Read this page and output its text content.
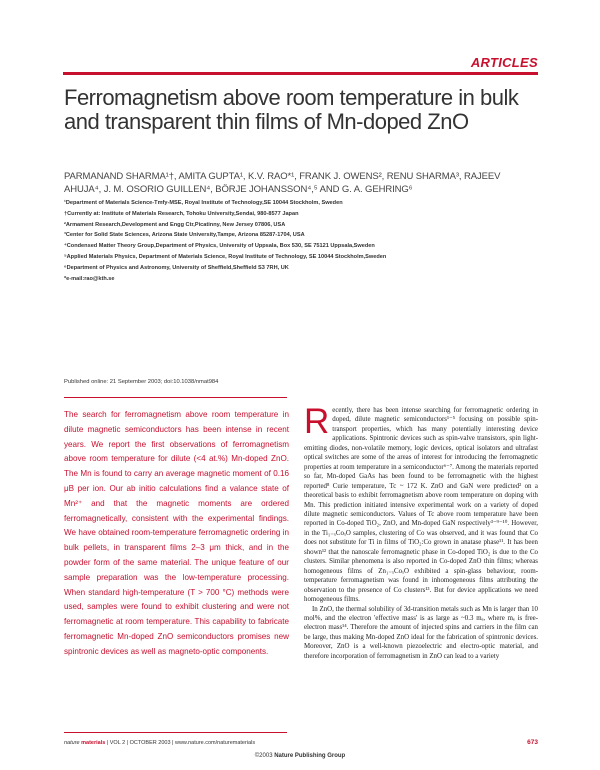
ARTICLES
Ferromagnetism above room temperature in bulk and transparent thin films of Mn-doped ZnO
PARMANAND SHARMA¹†, AMITA GUPTA¹, K.V. RAO*¹, FRANK J. OWENS², RENU SHARMA³, RAJEEV AHUJA⁴, J. M. OSORIO GUILLEN⁴, BÖRJE JOHANSSON⁴,⁵ AND G. A. GEHRING⁶
¹Department of Materials Science-Tmfy-MSE, Royal Institute of Technology,SE 10044 Stockholm, Sweden
†Currently at: Institute of Materials Research, Tohoku University,Sendai, 980-8577 Japan
²Armament Research,Development and Engg Ctr,Picatinny, New Jersey 07806, USA
³Center for Solid State Sciences, Arizona State University,Tampe, Arizona 85287-1704, USA
⁴Condensed Matter Theory Group,Department of Physics, University of Uppsala, Box 530, SE 75121 Uppsala,Sweden
⁵Applied Materials Physics, Department of Materials Science, Royal Institute of Technology, SE 10044 Stockholm,Sweden
⁶Department of Physics and Astronomy, University of Sheffield,Sheffield S3 7RH, UK
*e-mail:rao@kth.se
Published online: 21 September 2003; doi:10.1038/nmat984
The search for ferromagnetism above room temperature in dilute magnetic semiconductors has been intense in recent years. We report the first observations of ferromagnetism above room temperature for dilute (<4 at.%) Mn-doped ZnO. The Mn is found to carry an average magnetic moment of 0.16 μB per ion. Our ab initio calculations find a valance state of Mn²⁺ and that the magnetic moments are ordered ferromagnetically, consistent with the experimental findings. We have obtained room-temperature ferromagnetic ordering in bulk pellets, in transparent films 2–3 μm thick, and in the powder form of the same material. The unique feature of our sample preparation was the low-temperature processing. When standard high-temperature (T > 700 °C) methods were used, samples were found to exhibit clustering and were not ferromagnetic at room temperature. This capability to fabricate ferromagnetic Mn-doped ZnO semiconductors promises new spintronic devices as well as magneto-optic components.

Recently, there has been intense searching for ferromagnetic ordering in doped, dilute magnetic semiconductors¹⁻⁵ focusing on possible spin-transport properties, which has many potentially interesting device applications. Spintronic devices such as spin-valve transistors, spin light-emitting diodes, non-volatile memory, logic devices, optical isolators and ultrafast optical switches are some of the areas of interest for introducing the ferromagnetic properties at room temperature in a semiconductor⁶⁻⁷. Among the materials reported so far, Mn-doped GaAs has been found to be ferromagnetic with the highest reported⁸ Curie temperature, Tc ~ 172 K. ZnO and GaN were predicted² on a theoretical basis to exhibit ferromagnetism above room temperature on doping with Mn. This prediction initiated intensive experimental work on a variety of doped dilute magnetic semiconductors. Values of Tc above room temperature have been reported in Co-doped TiO₂, ZnO, and Mn-doped GaN respectively³⁻⁹⁻¹⁰. However, in the Ti₁₋ₓCoₓO samples, clustering of Co was observed, and it was found that Co does not substitute for Ti in films of TiO₂:Co grown in anatase phase¹¹. It has been shown¹² that the nanoscale ferromagnetic phase in Co-doped TiO₂ is due to the Co clusters. Similar phenomena is also reported in Co-doped ZnO thin films; whereas homogeneous films of Zn₁₋ₓCoₓO exhibited a spin-glass behaviour, room-temperature ferromagnetism was found in inhomogeneous films attributing the observation to the presence of Co clusters¹³. But for device applications we need homogeneous films.

In ZnO, the thermal solubility of 3d-transition metals such as Mn is larger than 10 mol%, and the electron 'effective mass' is as large as ~0.3 mₑ, where mₑ is free-electron mass¹⁴. Therefore the amount of injected spins and carriers in the film can be large, thus making Mn-doped ZnO ideal for the fabrication of spintronic devices. Moreover, ZnO is a well-known piezoelectric and electro-optic material, and therefore incorporation of ferromagnetism in ZnO can lead to a variety

nature materials | VOL 2 | OCTOBER 2003 | www.nature.com/naturematerials	673
©2003 Nature Publishing Group
